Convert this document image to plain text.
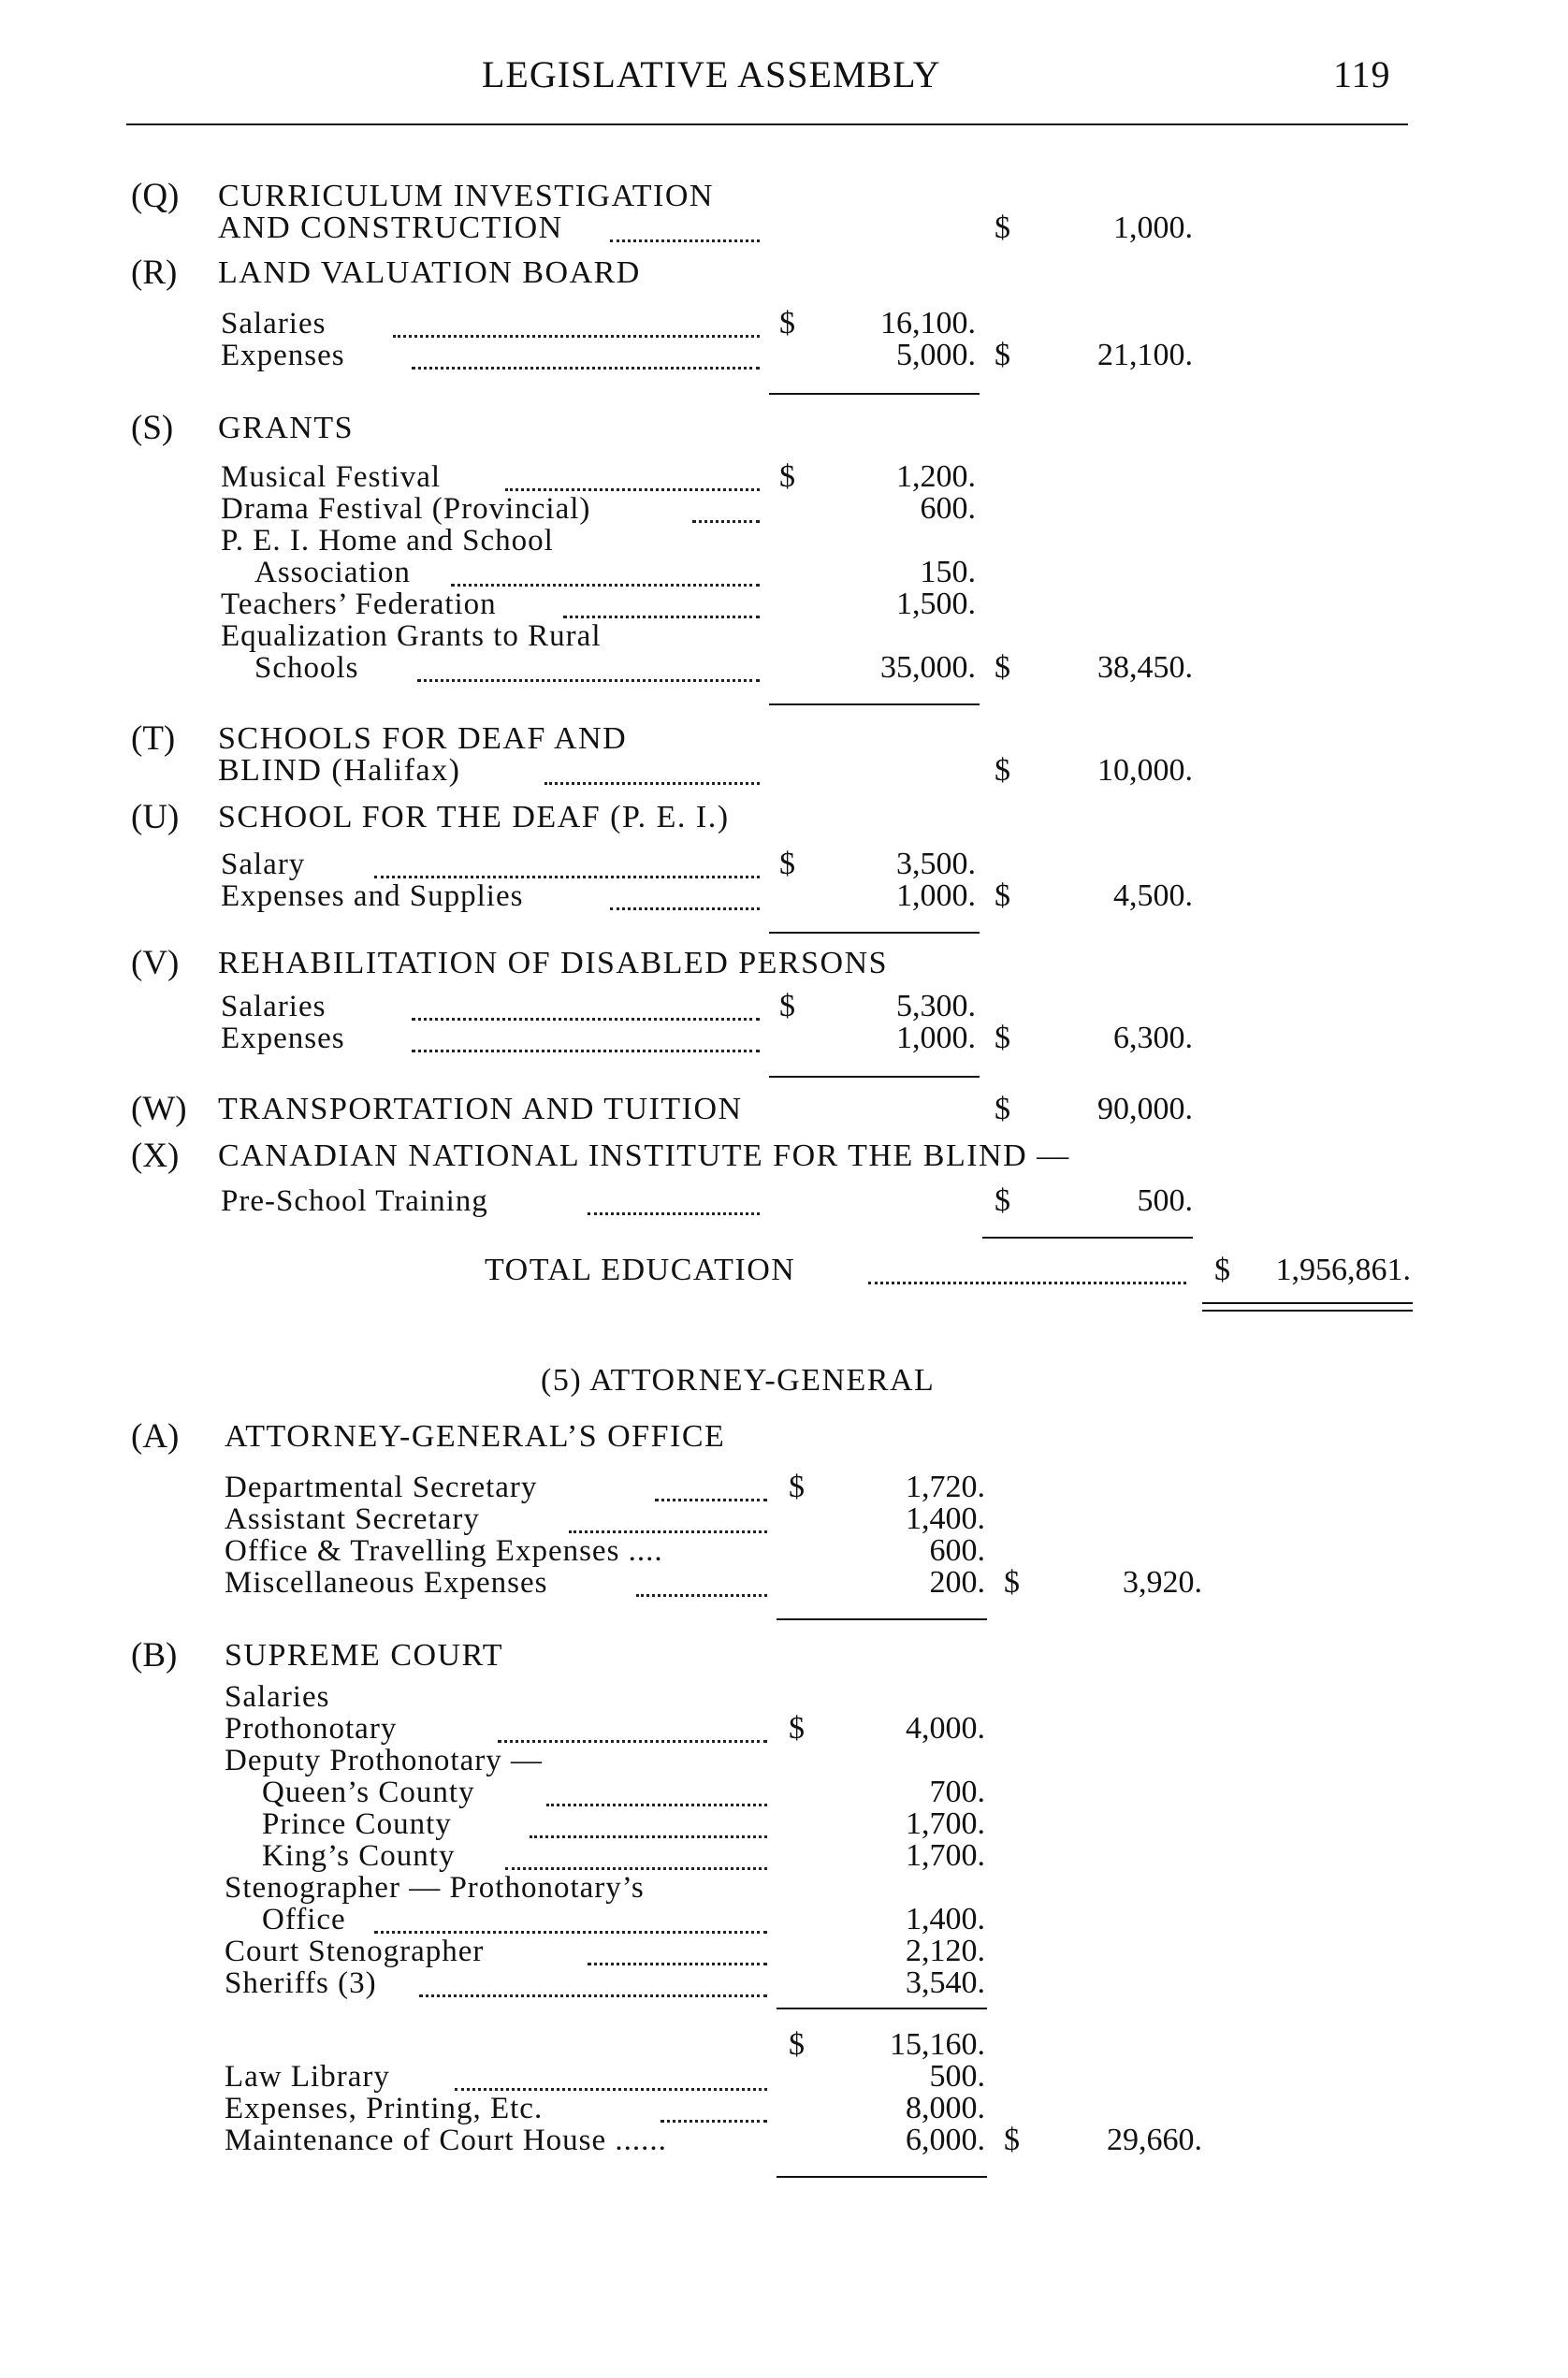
LEGISLATIVE ASSEMBLY	119
(Q) CURRICULUM INVESTIGATION
AND CONSTRUCTION	$	1,000.
(R) LAND VALUATION BOARD
Salaries	$	16,100.
Expenses	5,000. $	21,100.
(S) GRANTS
Musical Festival	$	1,200.
Drama Festival (Provincial)	600.
P. E. I. Home and School
Association	150.
Teachers’ Federation	1,500.
Equalization Grants to Rural
Schools	35,000. $	38,450.
(T) SCHOOLS FOR DEAF AND
BLIND (Halifax)	$	10,000.
(U) SCHOOL FOR THE DEAF (P. E. I.)
Salary	$	3,500.
Expenses and Supplies	1,000. $	4,500.
(V) REHABILITATION OF DISABLED PERSONS
Salaries	$	5,300.
Expenses	1,000. $	6,300.
(W) TRANSPORTATION AND TUITION	$	90,000.
(X) CANADIAN NATIONAL INSTITUTE FOR THE BLIND —
Pre-School Training	$	500.
TOTAL EDUCATION	$	1,956,861.
(5) ATTORNEY-GENERAL
(A) ATTORNEY-GENERAL’S OFFICE
Departmental Secretary	$	1,720.
Assistant Secretary	1,400.
Office & Travelling Expenses ....	600.
Miscellaneous Expenses	200. $	3,920.
(B) SUPREME COURT
Salaries
Prothonotary	$	4,000.
Deputy Prothonotary —
Queen’s County	700.
Prince County	1,700.
King’s County	1,700.
Stenographer — Prothonotary’s
Office	1,400.
Court Stenographer	2,120.
Sheriffs (3)	3,540.
$	15,160.
Law Library	500.
Expenses, Printing, Etc.	8,000.
Maintenance of Court House ......	6,000. $	29,660.
